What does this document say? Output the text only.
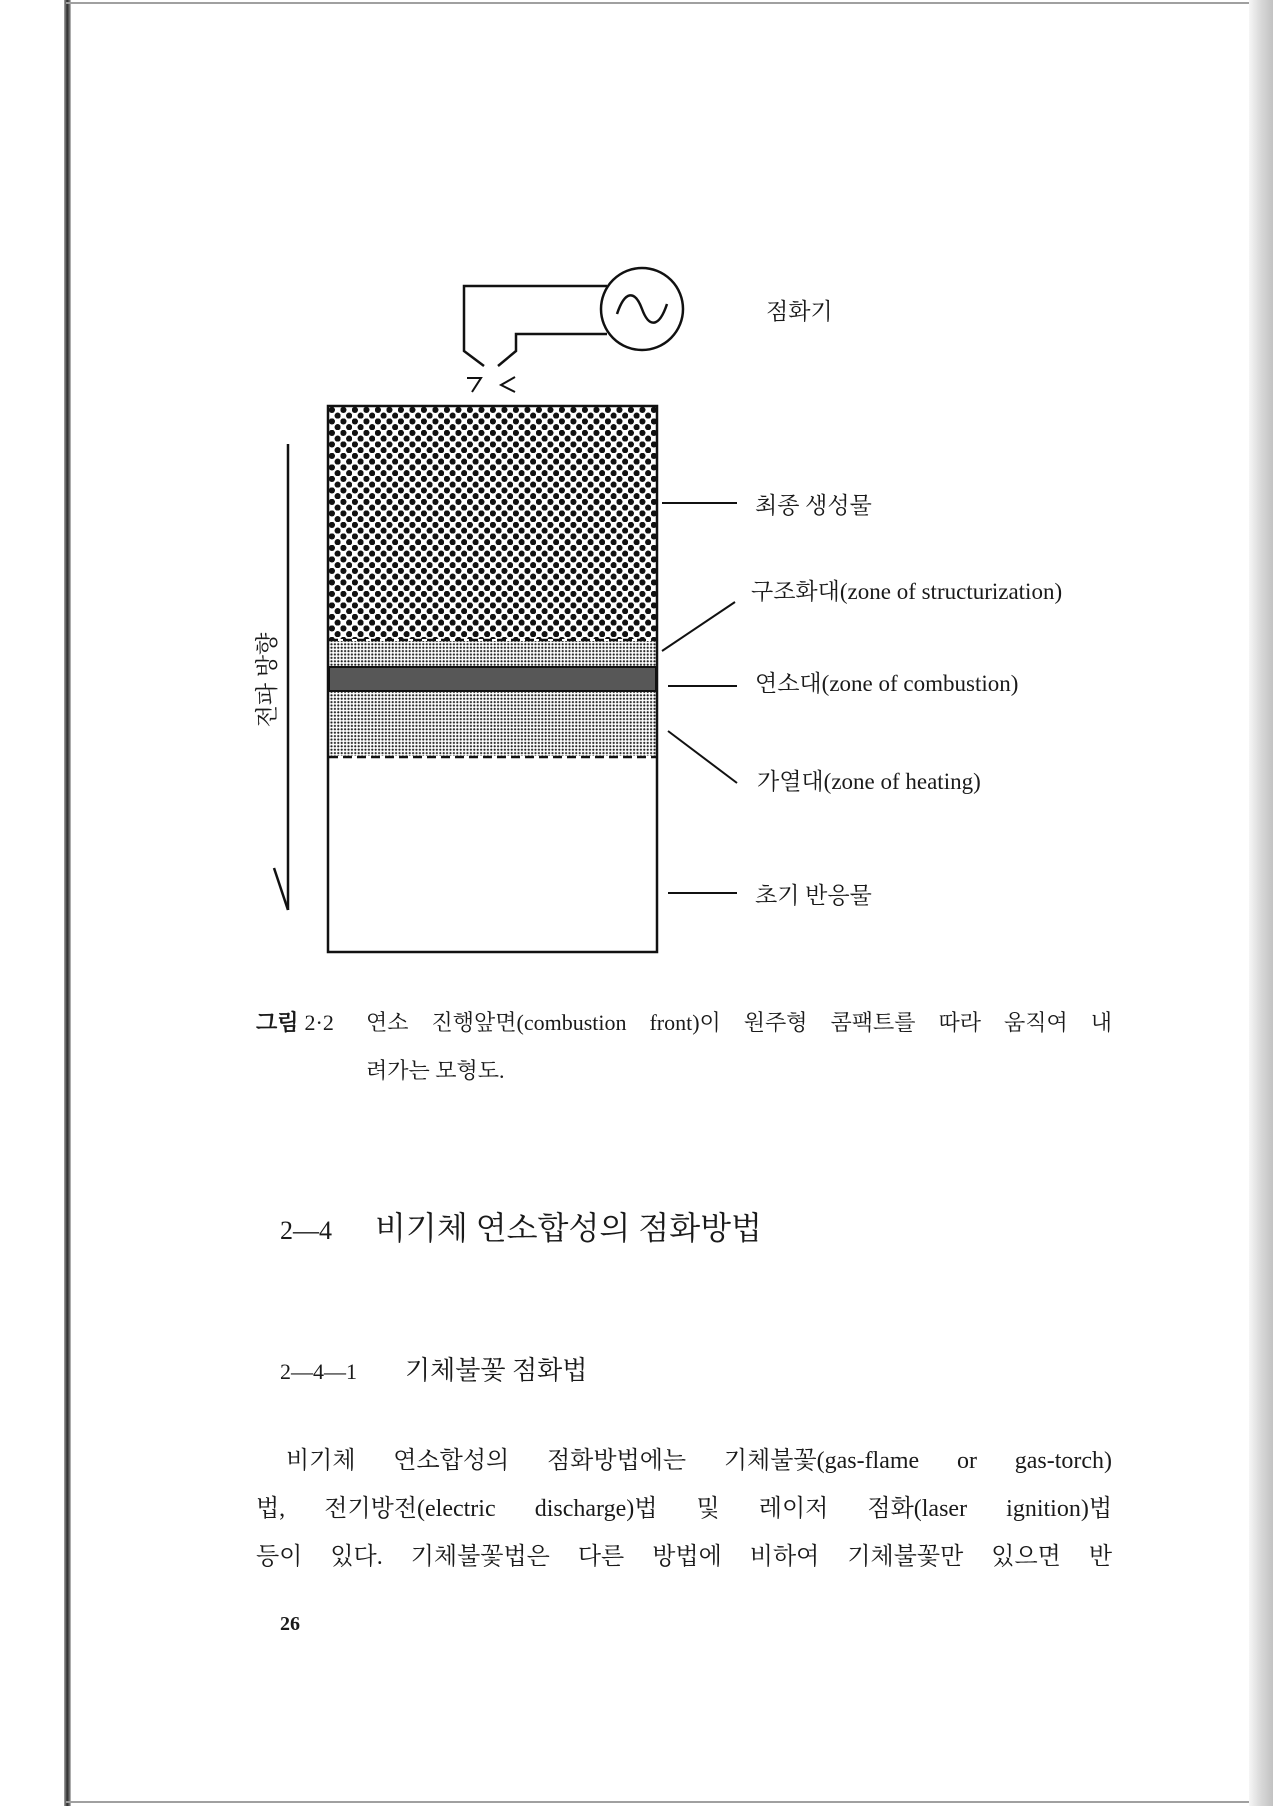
전파 방향
점화기
최종 생성물
구조화대(zone of structurization)
연소대(zone of combustion)
가열대(zone of heating)
초기 반응물
그림 2·2	연소 진행앞면(combustion front)이 원주형 콤팩트를 따라 움직여 내
려가는 모형도.
2—4 비기체 연소합성의 점화방법
2—4—1 기체불꽃 점화법
비기체 연소합성의 점화방법에는 기체불꽃(gas-flame or gas-torch)
법, 전기방전(electric discharge)법 및 레이저 점화(laser ignition)법
등이 있다. 기체불꽃법은 다른 방법에 비하여 기체불꽃만 있으면 반
26
